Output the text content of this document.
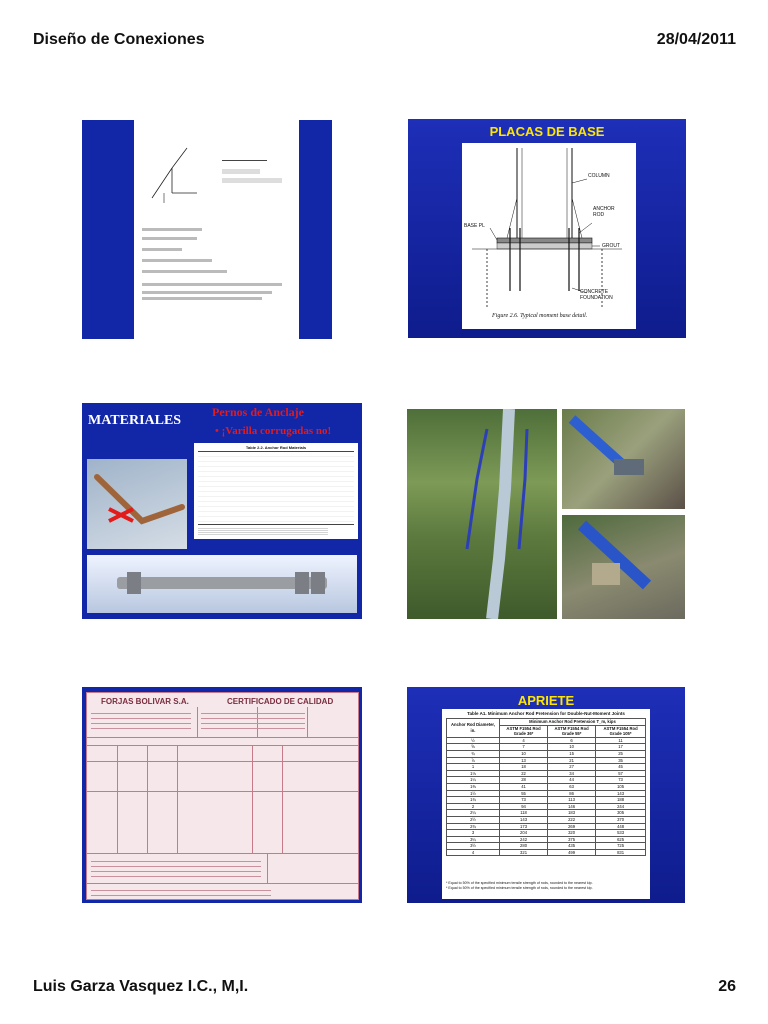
Diseño de Conexiones	28/04/2011
PLACAS DE BASE
COLUMN
ANCHOR ROD
BASE PL
GROUT
CONCRETE FOUNDATION
Figure 2.6. Typical moment base detail.
MATERIALES
Pernos de Anclaje
• ¡Varilla corrugadas no!
Table 2.2. Anchor Rod Materials
FORJAS BOLIVAR S.A.	CERTIFICADO DE CALIDAD	APRIETE
Table A1. Minimum Anchor Rod Pretension for Double-Nut-Moment Joints
Anchor Rod Diameter, in.	Minimum Anchor Rod Pretension T_m, kips		
	ASTM F1554 Rod Grade 36*	ASTM F1554 Rod Grade 55*	ASTM F1554 Rod Grade 105*
½	4	6	11
⅝	7	10	17
¾	10	15	25
⅞	13	21	35
1	18	27	45
1⅛	22	34	57
1¼	28	44	73
1⅜	41	63	105
1½	55	86	143
1¾	73	113	188
2	94	146	244
2¼	118	183	305
2½	143	222	370
2¾	173	269	448
3	204	320	533
3¼	242	375	625
3½	280	435	725
4	321	499	831
* Equal to 50% of the specified minimum tensile strength of rods, rounded to the nearest kip.
* Equal to 50% of the specified minimum tensile strength of rods, rounded to the nearest kip.
Luis Garza Vasquez I.C., M,I.	26
